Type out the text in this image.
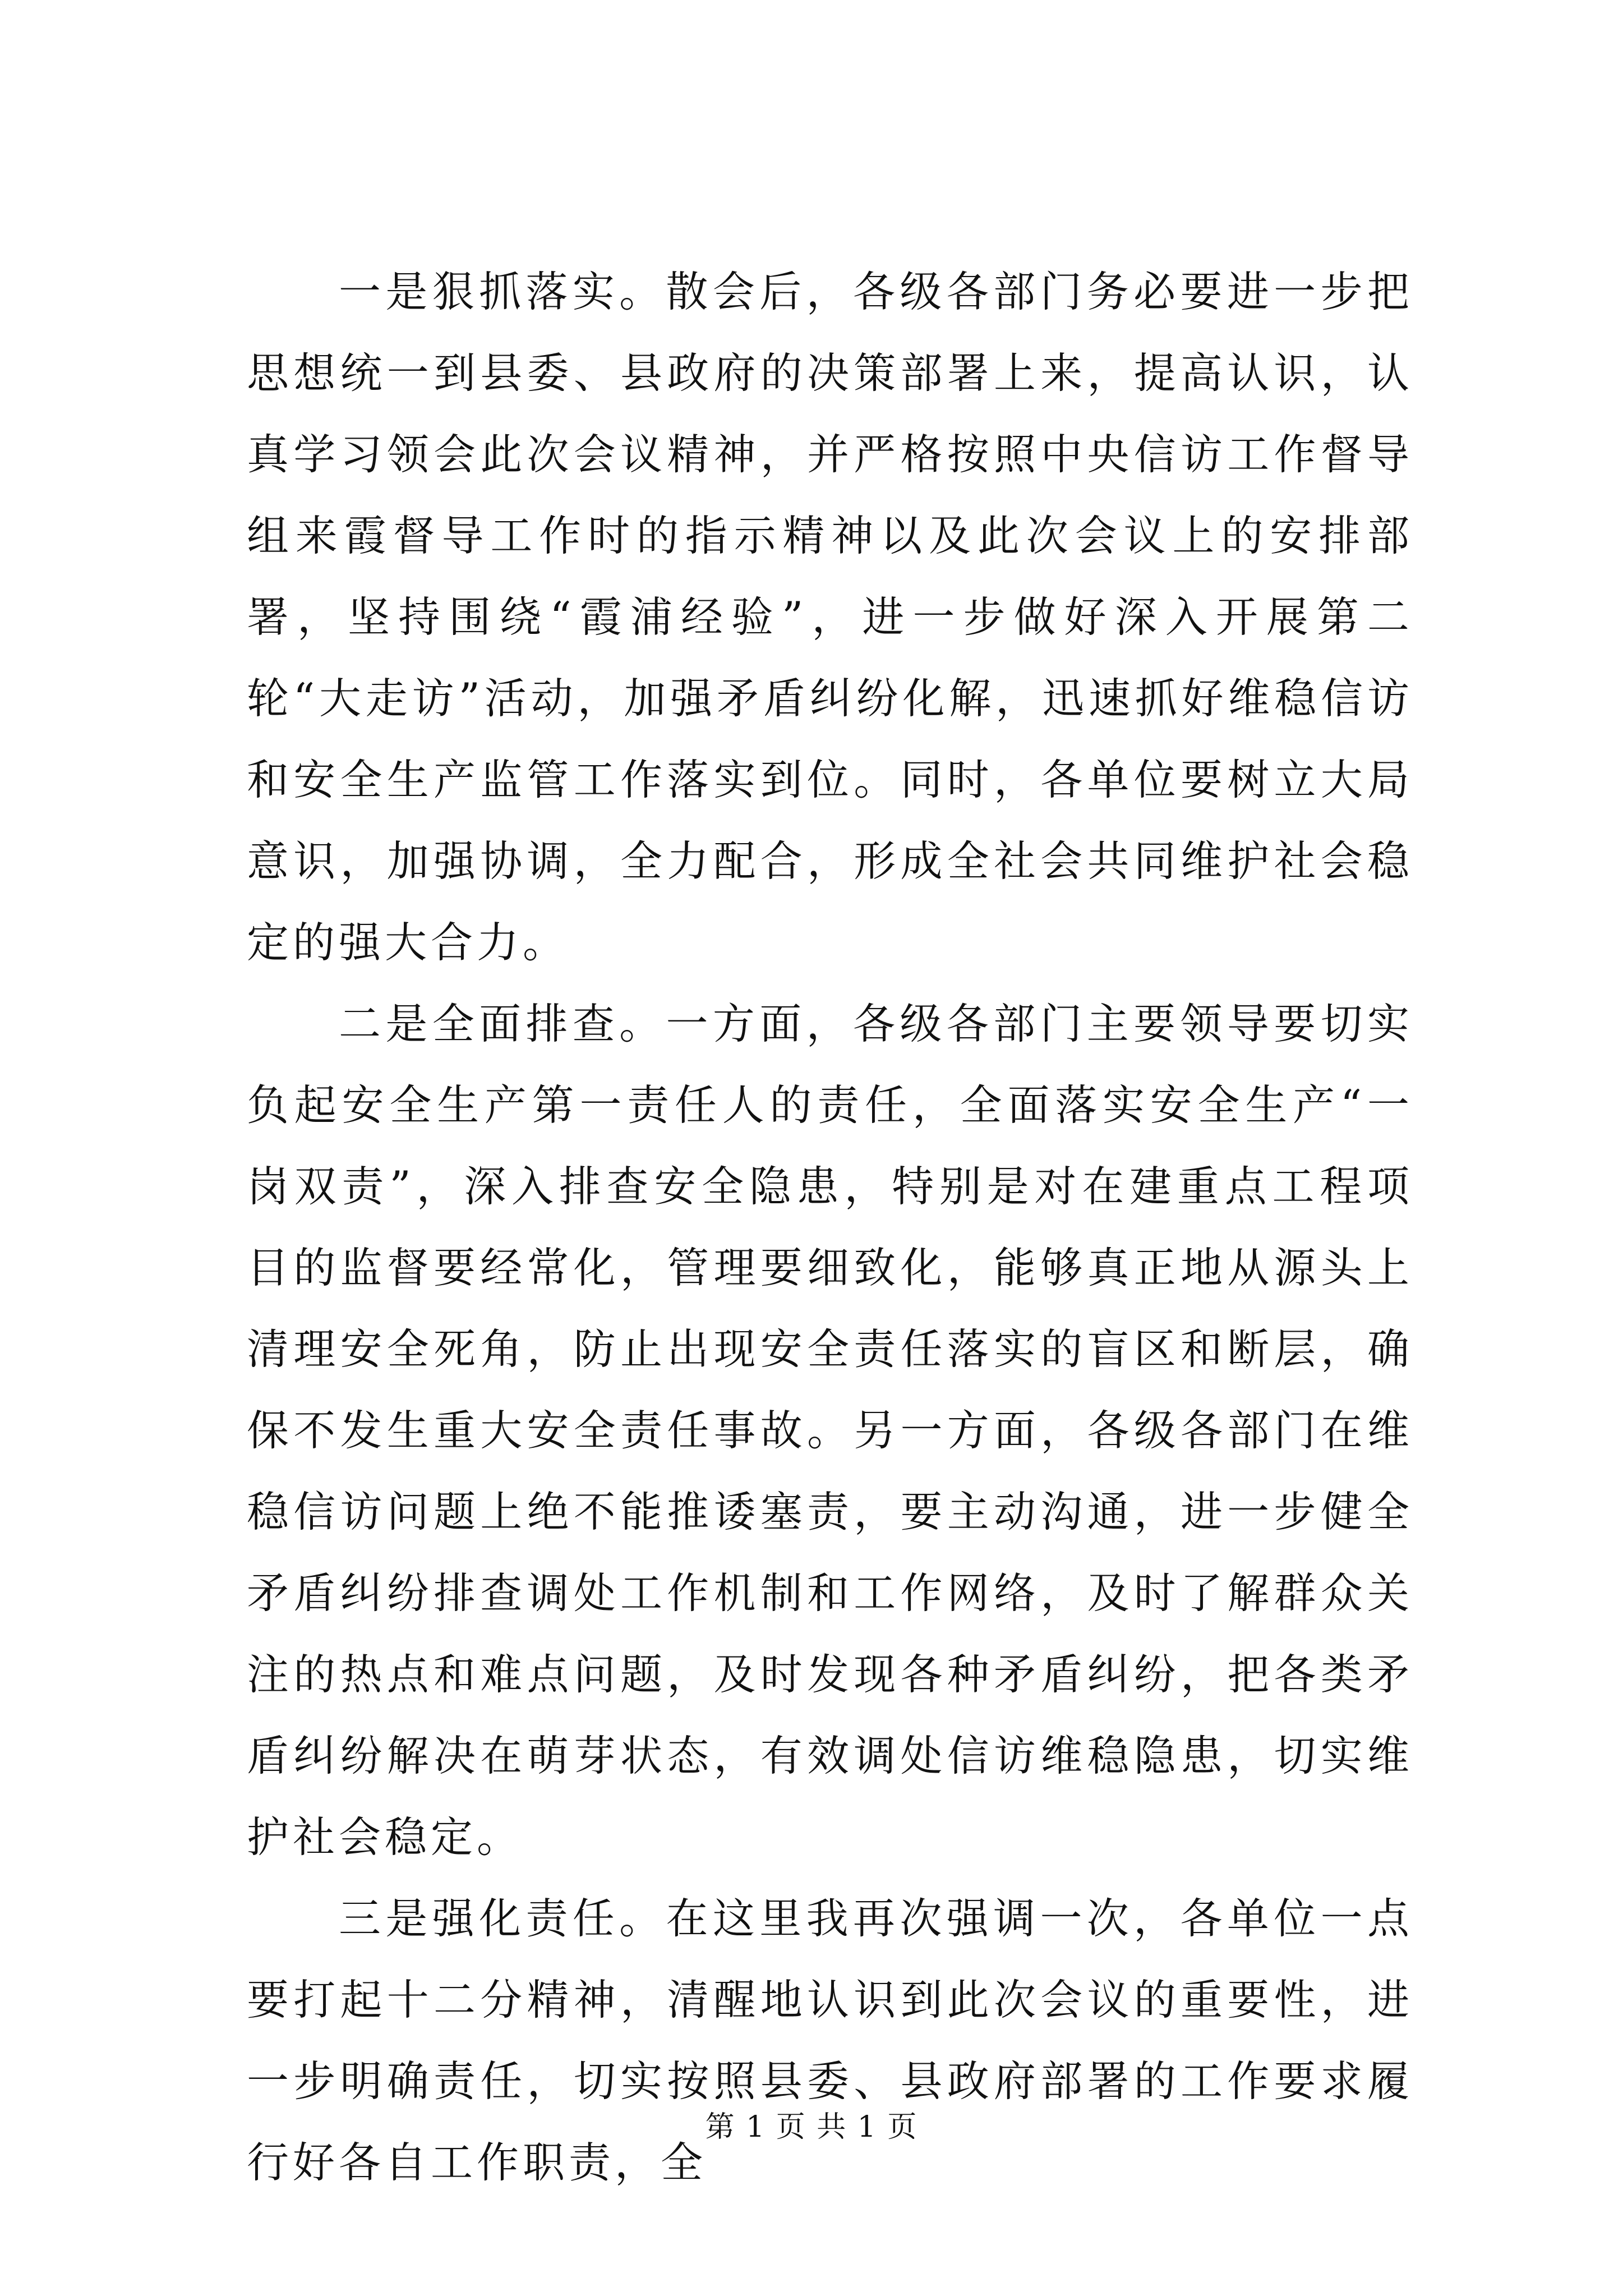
一是狠抓落实。散会后，各级各部门务必要进一步把思想统一到县委、县政府的决策部署上来，提高认识，认真学习领会此次会议精神，并严格按照中央信访工作督导组来霞督导工作时的指示精神以及此次会议上的安排部署，坚持围绕“霞浦经验”，进一步做好深入开展第二轮“大走访”活动，加强矛盾纠纷化解，迅速抓好维稳信访和安全生产监管工作落实到位。同时，各单位要树立大局意识，加强协调，全力配合，形成全社会共同维护社会稳定的强大合力。

二是全面排查。一方面，各级各部门主要领导要切实负起安全生产第一责任人的责任，全面落实安全生产“一岗双责”，深入排查安全隐患，特别是对在建重点工程项目的监督要经常化，管理要细致化，能够真正地从源头上清理安全死角，防止出现安全责任落实的盲区和断层，确保不发生重大安全责任事故。另一方面，各级各部门在维稳信访问题上绝不能推诿塞责，要主动沟通，进一步健全矛盾纠纷排查调处工作机制和工作网络，及时了解群众关注的热点和难点问题，及时发现各种矛盾纠纷，把各类矛盾纠纷解决在萌芽状态，有效调处信访维稳隐患，切实维护社会稳定。

三是强化责任。在这里我再次强调一次，各单位一点要打起十二分精神，清醒地认识到此次会议的重要性，进一步明确责任，切实按照县委、县政府部署的工作要求履行好各自工作职责，全

第 1 页 共 1 页
